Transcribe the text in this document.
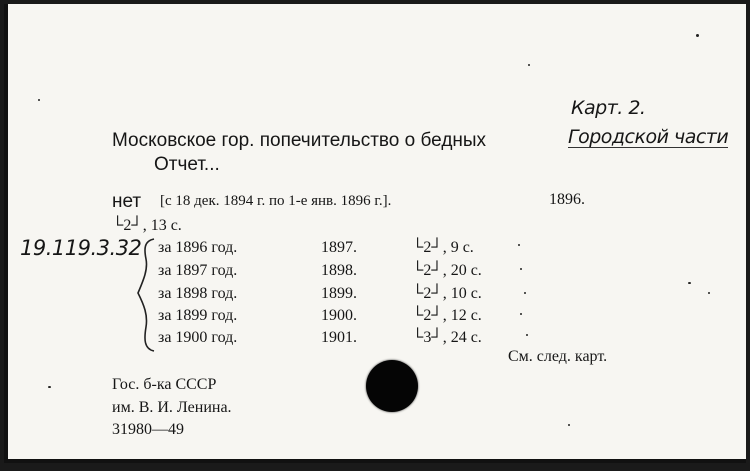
Карт. 2.
Московское гор. попечительство о бедных	Городской части
Отчет...
нет [с 18 дек. 1894 г. по 1-е янв. 1896 г.].	1896.
└2┘, 13 с.
19.119.3.32 за 1896 год.	1897.	└2┘, 9 с.
за 1897 год.	1898.	└2┘, 20 с.
за 1898 год.	1899.	└2┘, 10 с.
за 1899 год.	1900.	└2┘, 12 с.
за 1900 год.	1901.	└3┘, 24 с.
См. след. карт.
Гос. б-ка СССР
им. В. И. Ленина.
31980—49
